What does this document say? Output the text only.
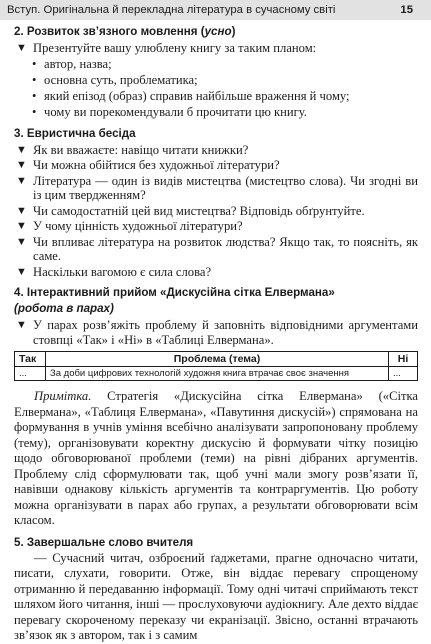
Вступ. Оригінальна й перекладна література в сучасному світі	15
2. Розвиток зв’язного мовлення (усно)
▼ Презентуйте вашу улюблену книгу за таким планом:
• автор, назва;
• основна суть, проблематика;
• який епізод (образ) справив найбільше враження й чому;
• чому ви порекомендували б прочитати цю книгу.
3. Евристична бесіда
▼ Як ви вважаєте: навіщо читати книжки?
▼ Чи можна обійтися без художньої літератури?
▼ Література — один із видів мистецтва (мистецтво слова). Чи згодні ви із цим твердженням?
▼ Чи самодостатній цей вид мистецтва? Відповідь обґрунтуйте.
▼ У чому цінність художньої літератури?
▼ Чи впливає література на розвиток людства? Якщо так, то поясніть, як саме.
▼ Наскільки вагомою є сила слова?
4. Інтерактивний прийом «Дискусійна сітка Елвермана»
(робота в парах)
▼ У парах розв’яжіть проблему й заповніть відповідними аргументами стовпці «Так» і «Ні» в «Таблиці Елвермана».
Так	Проблема (тема)	Ні
...	За доби цифрових технологій художня книга втрачає своє значення	...
Примітка. Стратегія «Дискусійна сітка Елвермана» («Сітка Елвермана», «Таблиця Елвермана», «Павутиння дискусій») спрямована на формування в учнів уміння всебічно аналізувати запропоновану проблему (тему), організовувати коректну дискусію й формувати чітку позицію щодо обговорюваної проблеми (теми) на рівні дібраних аргументів. Проблему слід сформулювати так, щоб учні мали змогу розв’язати її, навівши однакову кількість аргументів та контраргументів. Цю роботу можна організувати в парах або групах, а результати обговорювати всім класом.
5. Завершальне слово вчителя
— Сучасний читач, озброєний ґаджетами, прагне одночасно читати, писати, слухати, говорити. Отже, він віддає перевагу спрощеному отриманню й передаванню інформації. Тому одні читачі сприймають текст шляхом його читання, інші — прослуховуючи аудіокнигу. Але дехто віддає перевагу скороченому переказу чи екранізації. Звісно, останні втрачають зв’язок як з автором, так і з самим
